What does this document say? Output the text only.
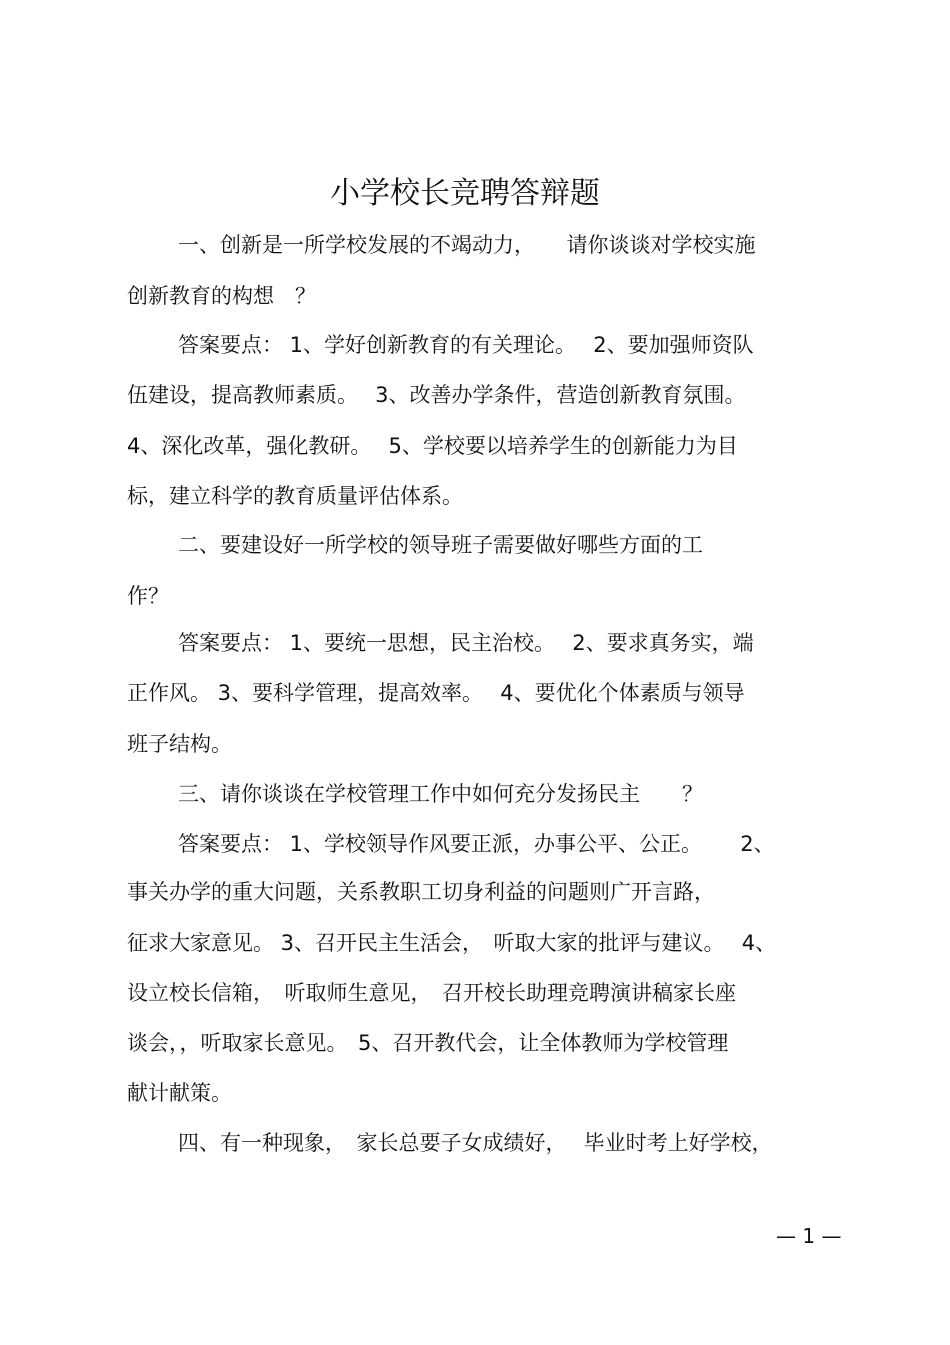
小学校长竞聘答辩题
一、创新是一所学校发展的不竭动力，　　请你谈谈对学校实施
创新教育的构想　？
答案要点： 1、学好创新教育的有关理论。　 2、要加强师资队
伍建设，提高教师素质。　 3、改善办学条件，营造创新教育氛围。
4、深化改革，强化教研。　 5、学校要以培养学生的创新能力为目
标，建立科学的教育质量评估体系。
二、要建设好一所学校的领导班子需要做好哪些方面的工
作？
答案要点： 1、要统一思想，民主治校。　 2、要求真务实，端
正作风。 3、要科学管理，提高效率。　 4、要优化个体素质与领导
班子结构。
三、请你谈谈在学校管理工作中如何充分发扬民主　　？
答案要点： 1、学校领导作风要正派，办事公平、公正。　　 2、
事关办学的重大问题，关系教职工切身利益的问题则广开言路，
征求大家意见。 3、召开民主生活会，　听取大家的批评与建议。　 4、
设立校长信箱，　听取师生意见，　召开校长助理竞聘演讲稿家长座
谈会，，听取家长意见。　5、召开教代会，让全体教师为学校管理
献计献策。
四、有一种现象，　家长总要子女成绩好，　 毕业时考上好学校，
— 1 —
